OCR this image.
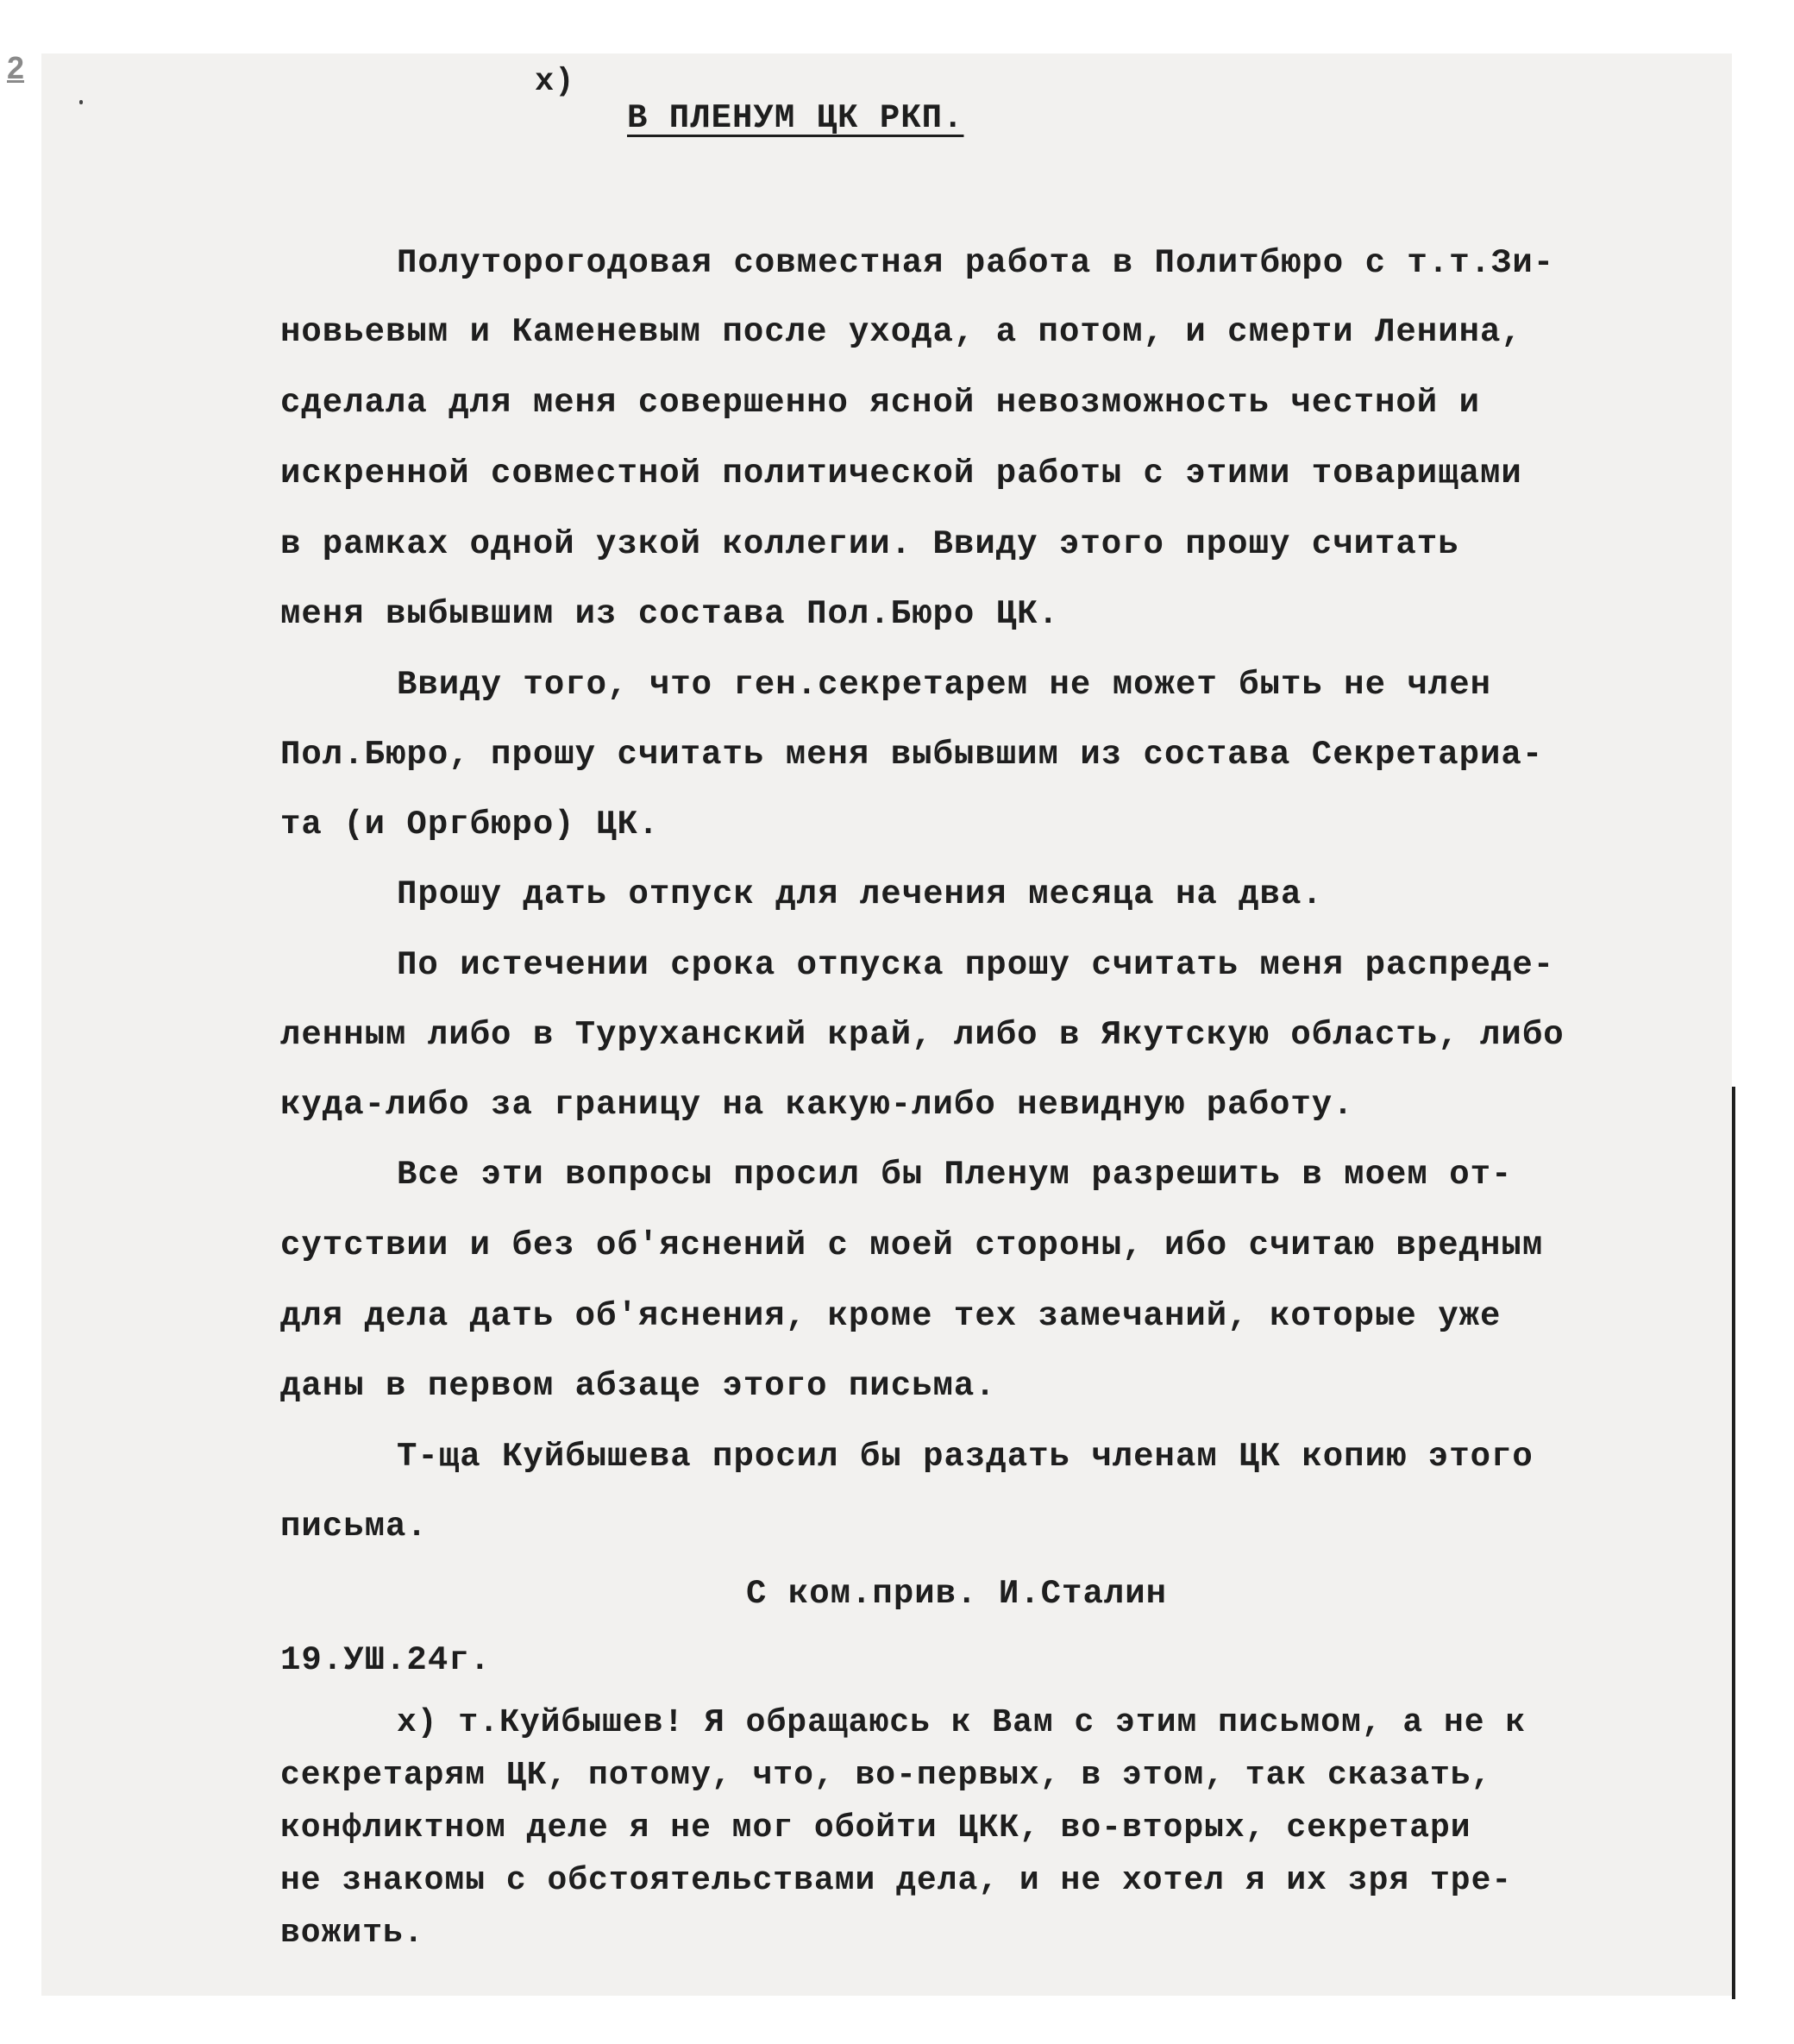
2	x)
В ПЛЕНУМ ЦК РКП.
Полуторогодовая совместная работа в Политбюро с т.т.Зи-
новьевым и Каменевым после ухода, а потом, и смерти Ленина,
сделала для меня совершенно ясной невозможность честной и
искренной совместной политической работы с этими товарищами
в рамках одной узкой коллегии. Ввиду этого прошу считать
меня выбывшим из состава Пол.Бюро ЦК.
Ввиду того, что ген.секретарем не может быть не член
Пол.Бюро, прошу считать меня выбывшим из состава Секретариа-
та (и Оргбюро) ЦК.
Прошу дать отпуск для лечения месяца на два.
По истечении срока отпуска прошу считать меня распреде-
ленным либо в Туруханский край, либо в Якутскую область, либо
куда-либо за границу на какую-либо невидную работу.
Все эти вопросы просил бы Пленум разрешить в моем от-
сутствии и без об'яснений с моей стороны, ибо считаю вредным
для дела дать об'яснения, кроме тех замечаний, которые уже
даны в первом абзаце этого письма.
Т-ща Куйбышева просил бы раздать членам ЦК копию этого
письма.
С ком.прив. И.Сталин
19.УШ.24г.
x) т.Куйбышев! Я обращаюсь к Вам с этим письмом, а не к
секретарям ЦК, потому, что, во-первых, в этом, так сказать,
конфликтном деле я не мог обойти ЦКК, во-вторых, секретари
не знакомы с обстоятельствами дела, и не хотел я их зря тре-
вожить.
